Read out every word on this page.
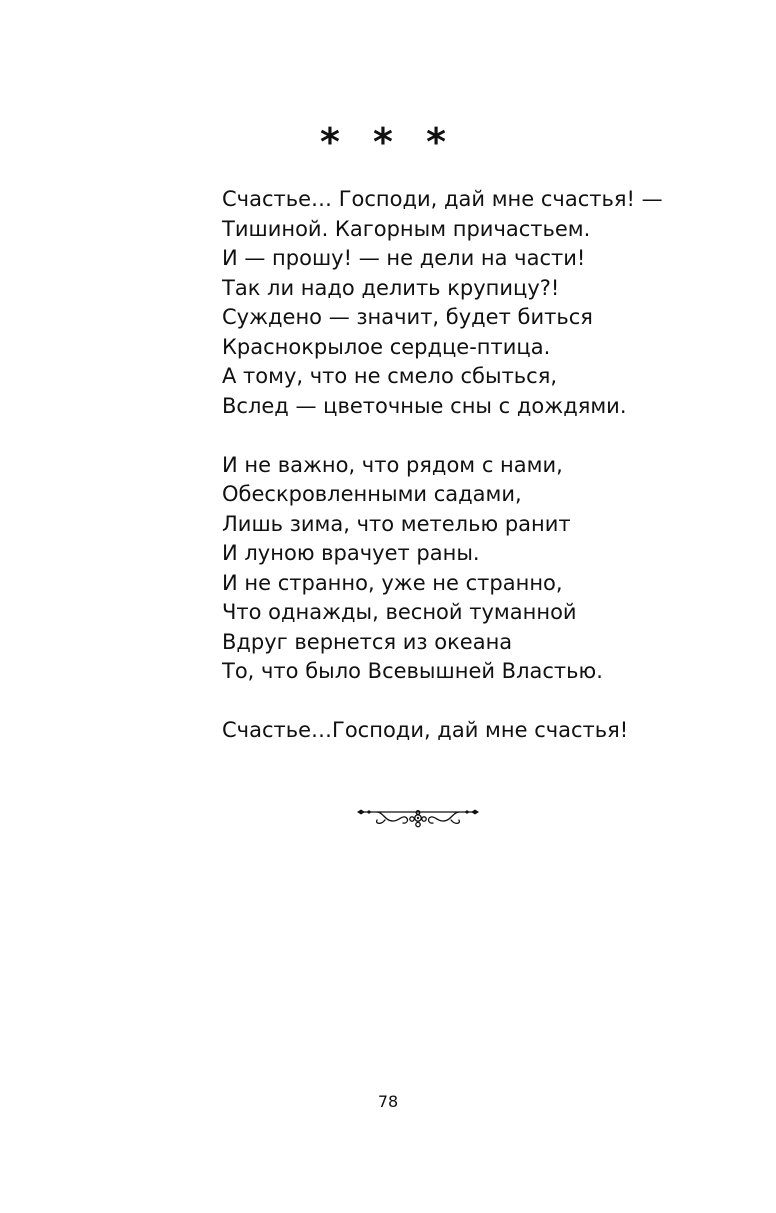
* * *

Счастье… Господи, дай мне счастья! —
Тишиной. Кагорным причастьем.
И — прошу! — не дели на части!
Так ли надо делить крупицу?!
Суждено — значит, будет биться
Краснокрылое сердце-птица.
А тому, что не смело сбыться,
Вслед — цветочные сны с дождями.

И не важно, что рядом с нами,
Обескровленными садами,
Лишь зима, что метелью ранит
И луною врачует раны.
И не странно, уже не странно,
Что однажды, весной туманной
Вдруг вернется из океана
То, что было Всевышней Властью.

Счастье…Господи, дай мне счастья!

78
